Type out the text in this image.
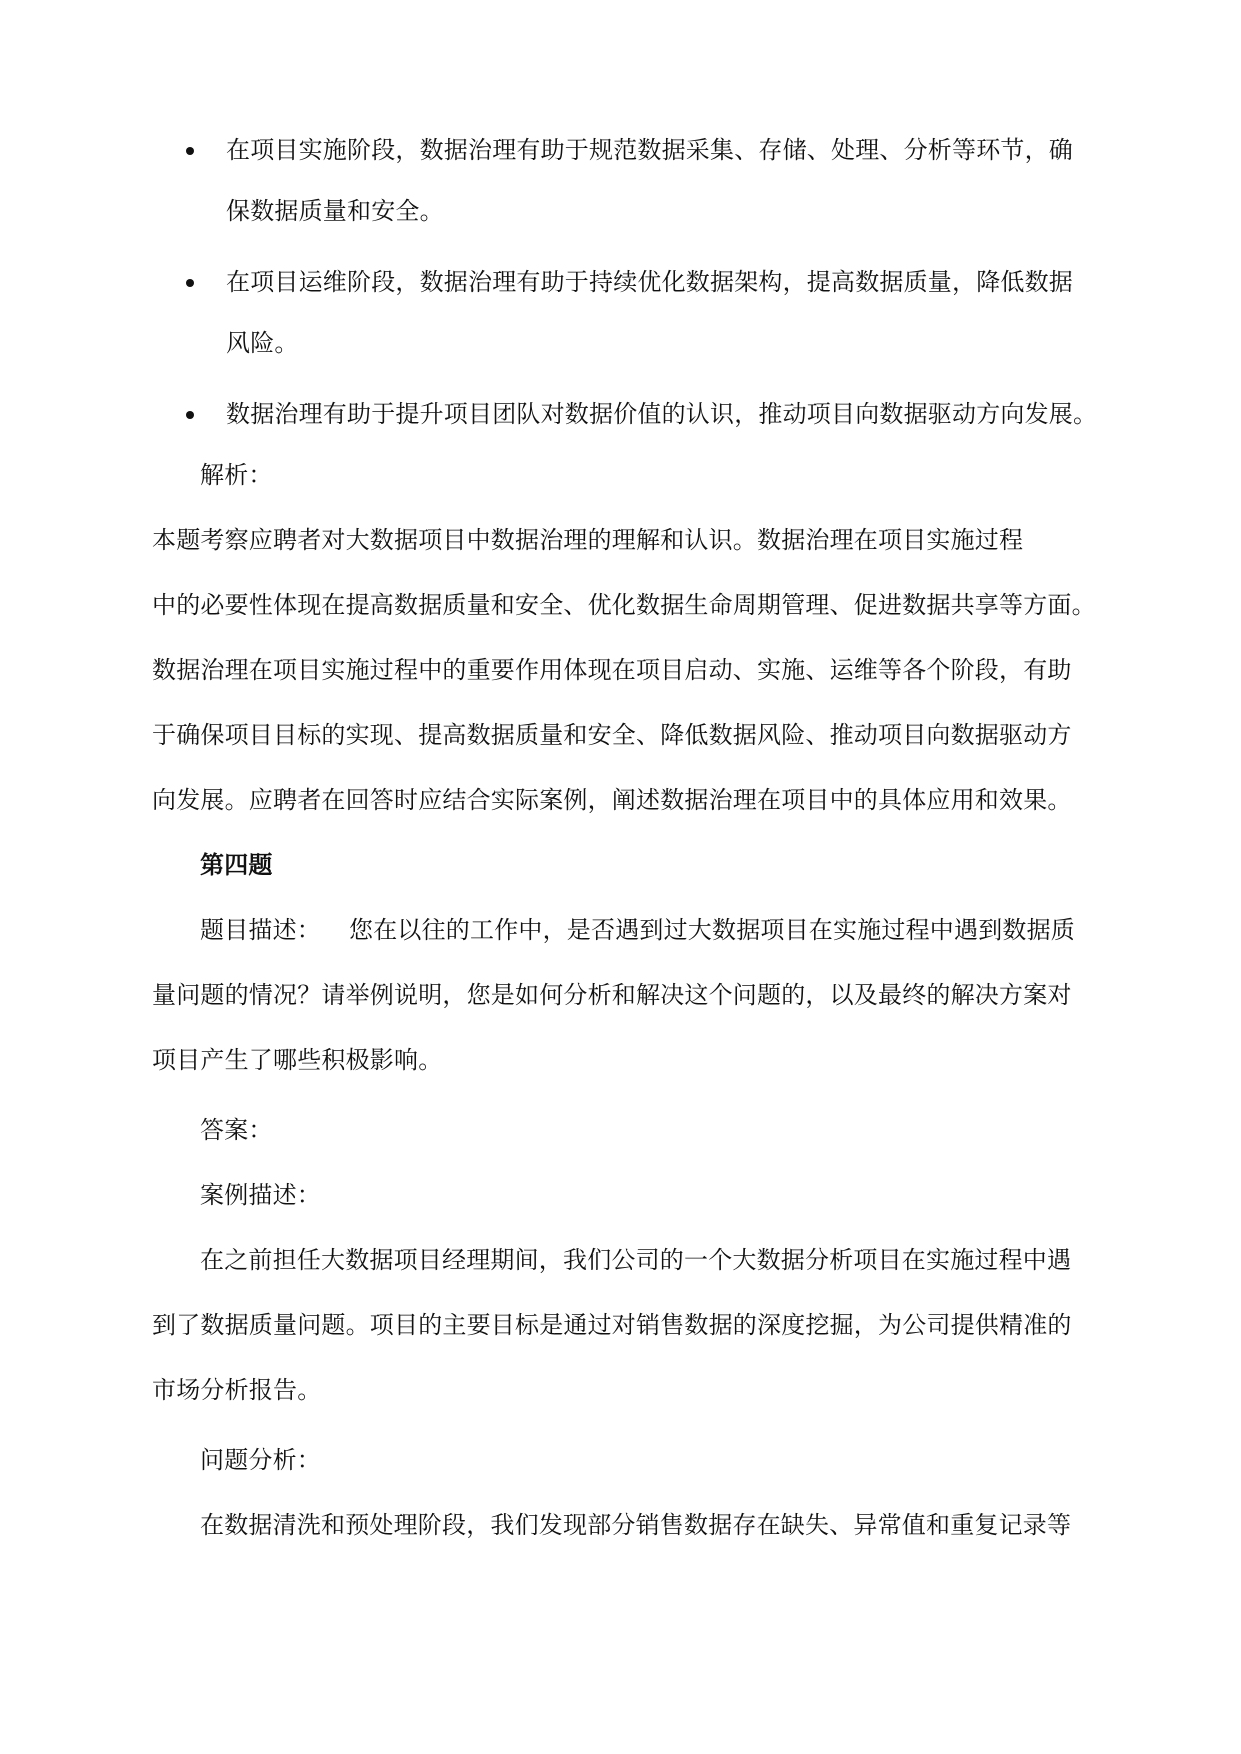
在项目实施阶段，数据治理有助于规范数据采集、存储、处理、分析等环节，确
保数据质量和安全。
在项目运维阶段，数据治理有助于持续优化数据架构，提高数据质量，降低数据
风险。
数据治理有助于提升项目团队对数据价值的认识，推动项目向数据驱动方向发展。
解析：
本题考察应聘者对大数据项目中数据治理的理解和认识。数据治理在项目实施过程
中的必要性体现在提高数据质量和安全、优化数据生命周期管理、促进数据共享等方面。
数据治理在项目实施过程中的重要作用体现在项目启动、实施、运维等各个阶段，有助
于确保项目目标的实现、提高数据质量和安全、降低数据风险、推动项目向数据驱动方
向发展。应聘者在回答时应结合实际案例，阐述数据治理在项目中的具体应用和效果。
第四题
题目描述： 您在以往的工作中，是否遇到过大数据项目在实施过程中遇到数据质
量问题的情况？请举例说明，您是如何分析和解决这个问题的，以及最终的解决方案对
项目产生了哪些积极影响。
答案：
案例描述：
在之前担任大数据项目经理期间，我们公司的一个大数据分析项目在实施过程中遇
到了数据质量问题。项目的主要目标是通过对销售数据的深度挖掘，为公司提供精准的
市场分析报告。
问题分析：
在数据清洗和预处理阶段，我们发现部分销售数据存在缺失、异常值和重复记录等
